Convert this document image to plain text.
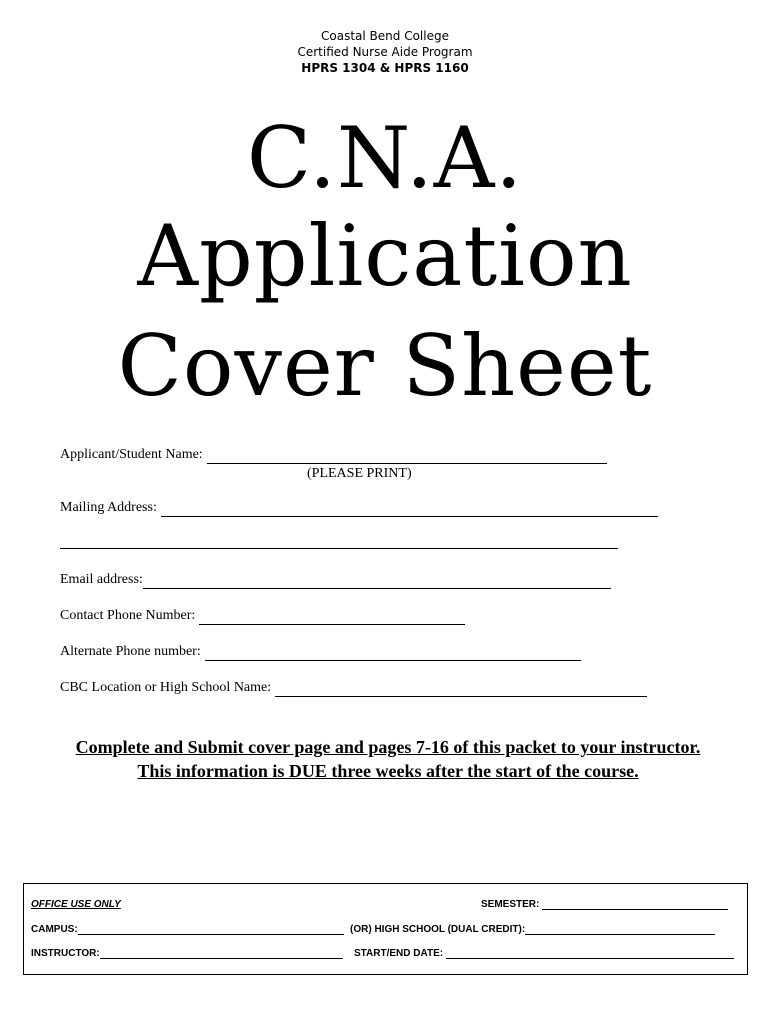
Coastal Bend College
Certified Nurse Aide Program
HPRS 1304 & HPRS 1160
C.N.A.
Application
Cover Sheet
Applicant/Student Name:
(PLEASE PRINT)
Mailing Address:
Email address:
Contact Phone Number:
Alternate Phone number:
CBC Location or High School Name:
Complete and Submit cover page and pages 7-16 of this packet to your instructor. This information is DUE three weeks after the start of the course.
OFFICE USE ONLY	SEMESTER:
CAMPUS:	(OR) HIGH SCHOOL (DUAL CREDIT):
INSTRUCTOR:	START/END DATE:
